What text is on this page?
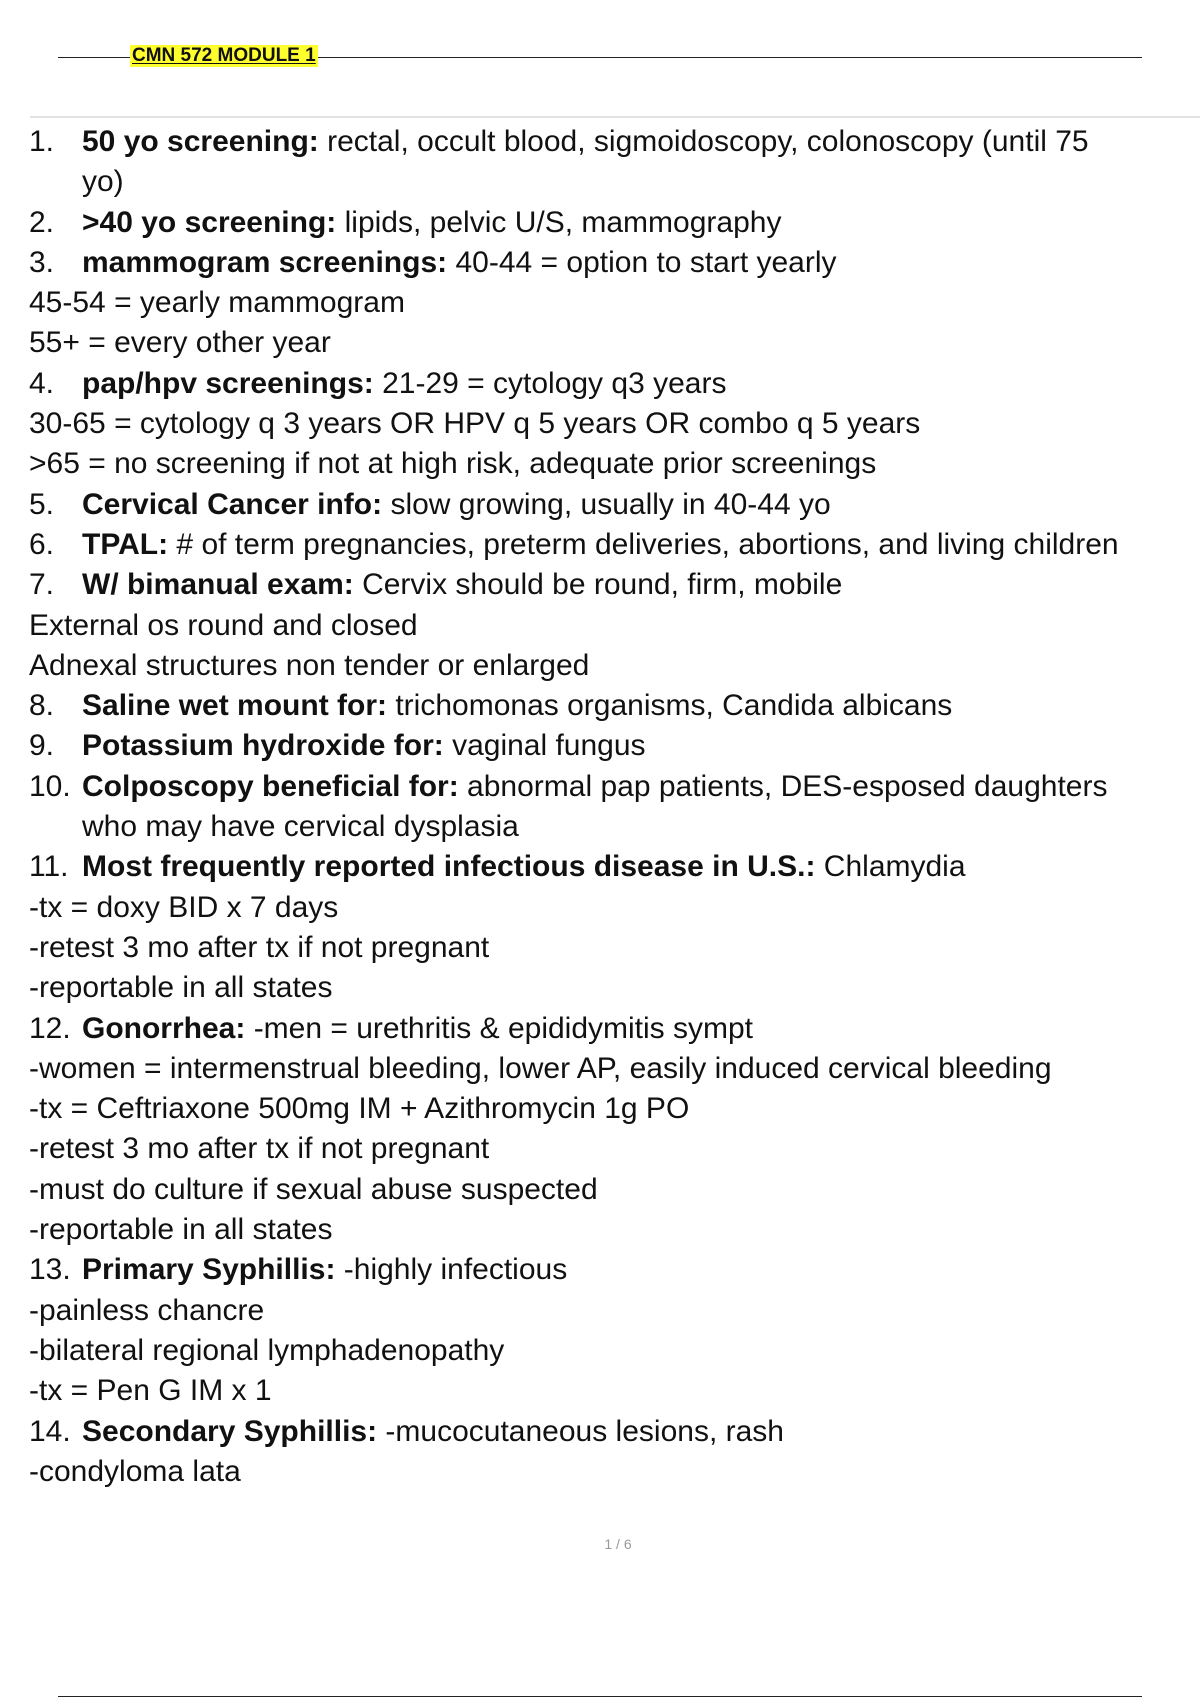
CMN 572 MODULE 1
1. 50 yo screening: rectal, occult blood, sigmoidoscopy, colonoscopy (until 75
yo)
2. >40 yo screening: lipids, pelvic U/S, mammography
3. mammogram screenings: 40-44 = option to start yearly
45-54 = yearly mammogram
55+ = every other year
4. pap/hpv screenings: 21-29 = cytology q3 years
30-65 = cytology q 3 years OR HPV q 5 years OR combo q 5 years
>65 = no screening if not at high risk, adequate prior screenings
5. Cervical Cancer info: slow growing, usually in 40-44 yo
6. TPAL: # of term pregnancies, preterm deliveries, abortions, and living children
7. W/ bimanual exam: Cervix should be round, firm, mobile
External os round and closed
Adnexal structures non tender or enlarged
8. Saline wet mount for: trichomonas organisms, Candida albicans
9. Potassium hydroxide for: vaginal fungus
10. Colposcopy beneficial for: abnormal pap patients, DES-esposed daughters
who may have cervical dysplasia
11. Most frequently reported infectious disease in U.S.: Chlamydia
-tx = doxy BID x 7 days
-retest 3 mo after tx if not pregnant
-reportable in all states
12. Gonorrhea: -men = urethritis & epididymitis sympt
-women = intermenstrual bleeding, lower AP, easily induced cervical bleeding
-tx = Ceftriaxone 500mg IM + Azithromycin 1g PO
-retest 3 mo after tx if not pregnant
-must do culture if sexual abuse suspected
-reportable in all states
13. Primary Syphillis: -highly infectious
-painless chancre
-bilateral regional lymphadenopathy
-tx = Pen G IM x 1
14. Secondary Syphillis: -mucocutaneous lesions, rash
-condyloma lata
1 / 6
